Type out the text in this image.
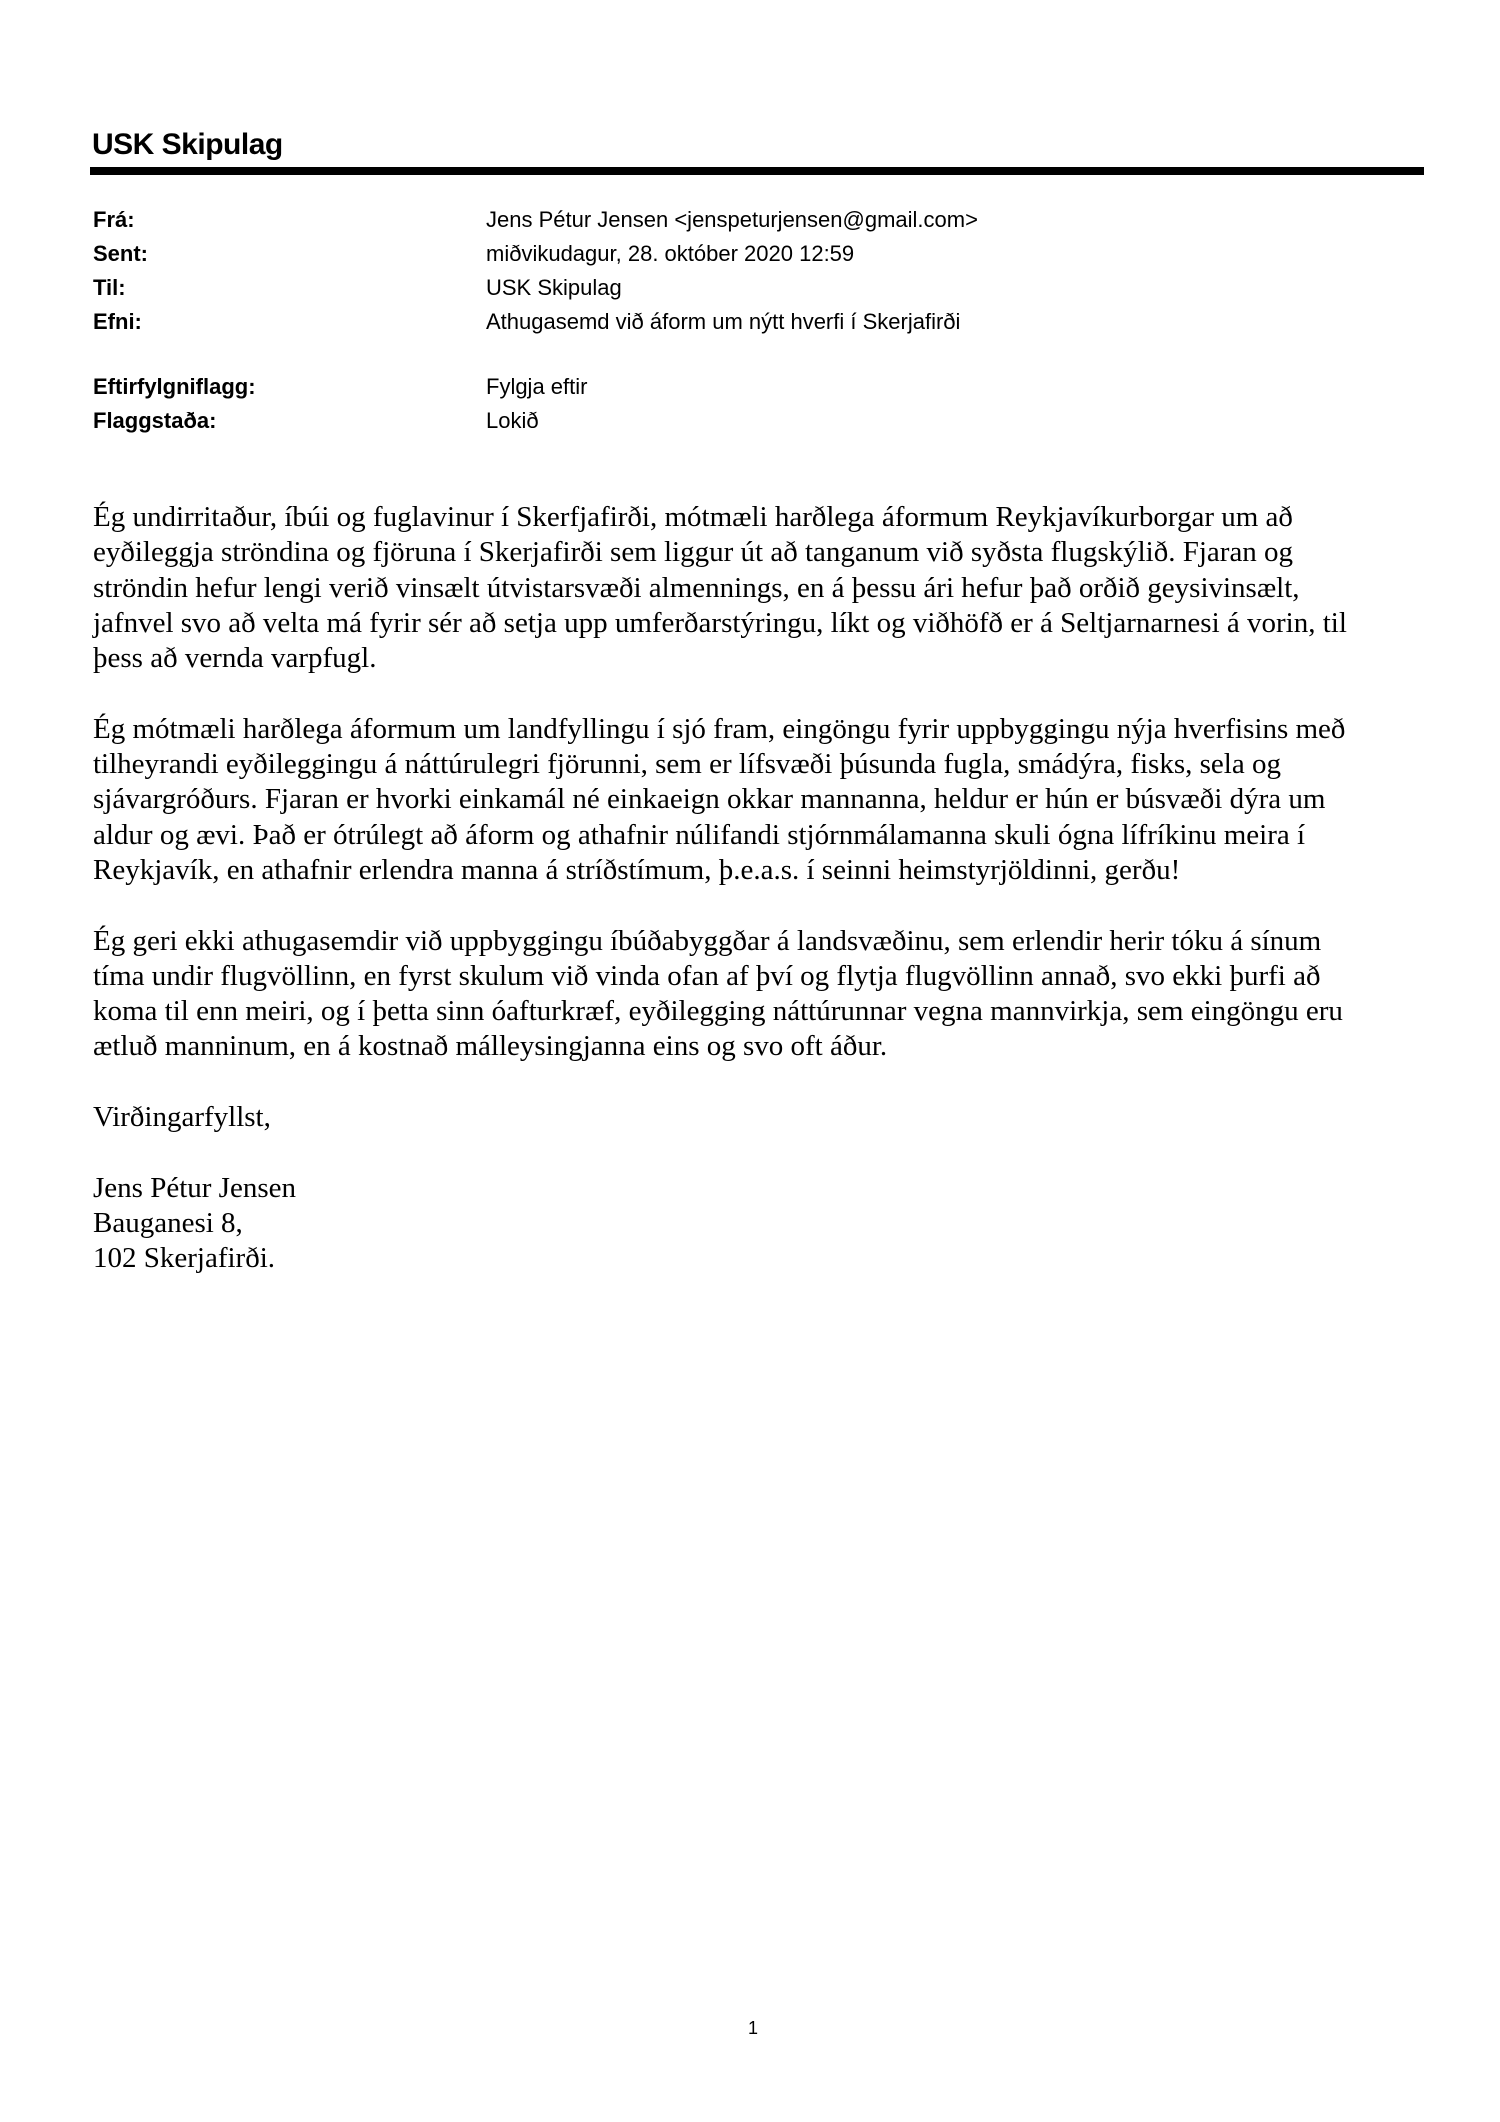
USK Skipulag
Frá:	Jens Pétur Jensen <jenspeturjensen@gmail.com>
Sent:	miðvikudagur, 28. október 2020 12:59
Til:	USK Skipulag
Efni:	Athugasemd við áform um nýtt hverfi í Skerjafirði
Eftirfylgniflagg:	Fylgja eftir
Flaggstaða:	Lokið

Ég undirritaður, íbúi og fuglavinur í Skerfjafirði, mótmæli harðlega áformum Reykjavíkurborgar um að
eyðileggja ströndina og fjöruna í Skerjafirði sem liggur út að tanganum við syðsta flugskýlið. Fjaran og
ströndin hefur lengi verið vinsælt útvistarsvæði almennings, en á þessu ári hefur það orðið geysivinsælt,
jafnvel svo að velta má fyrir sér að setja upp umferðarstýringu, líkt og viðhöfð er á Seltjarnarnesi á vorin, til
þess að vernda varpfugl.

Ég mótmæli harðlega áformum um landfyllingu í sjó fram, eingöngu fyrir uppbyggingu nýja hverfisins með
tilheyrandi eyðileggingu á náttúrulegri fjörunni, sem er lífsvæði þúsunda fugla, smádýra, fisks, sela og
sjávargróðurs. Fjaran er hvorki einkamál né einkaeign okkar mannanna, heldur er hún er búsvæði dýra um
aldur og ævi. Það er ótrúlegt að áform og athafnir núlifandi stjórnmálamanna skuli ógna lífríkinu meira í
Reykjavík, en athafnir erlendra manna á stríðstímum, þ.e.a.s. í seinni heimstyrjöldinni, gerðu!

Ég geri ekki athugasemdir við uppbyggingu íbúðabyggðar á landsvæðinu, sem erlendir herir tóku á sínum
tíma undir flugvöllinn, en fyrst skulum við vinda ofan af því og flytja flugvöllinn annað, svo ekki þurfi að
koma til enn meiri, og í þetta sinn óafturkræf, eyðilegging náttúrunnar vegna mannvirkja, sem eingöngu eru
ætluð manninum, en á kostnað málleysingjanna eins og svo oft áður.

Virðingarfyllst,

Jens Pétur Jensen
Bauganesi 8,
102 Skerjafirði.

1
